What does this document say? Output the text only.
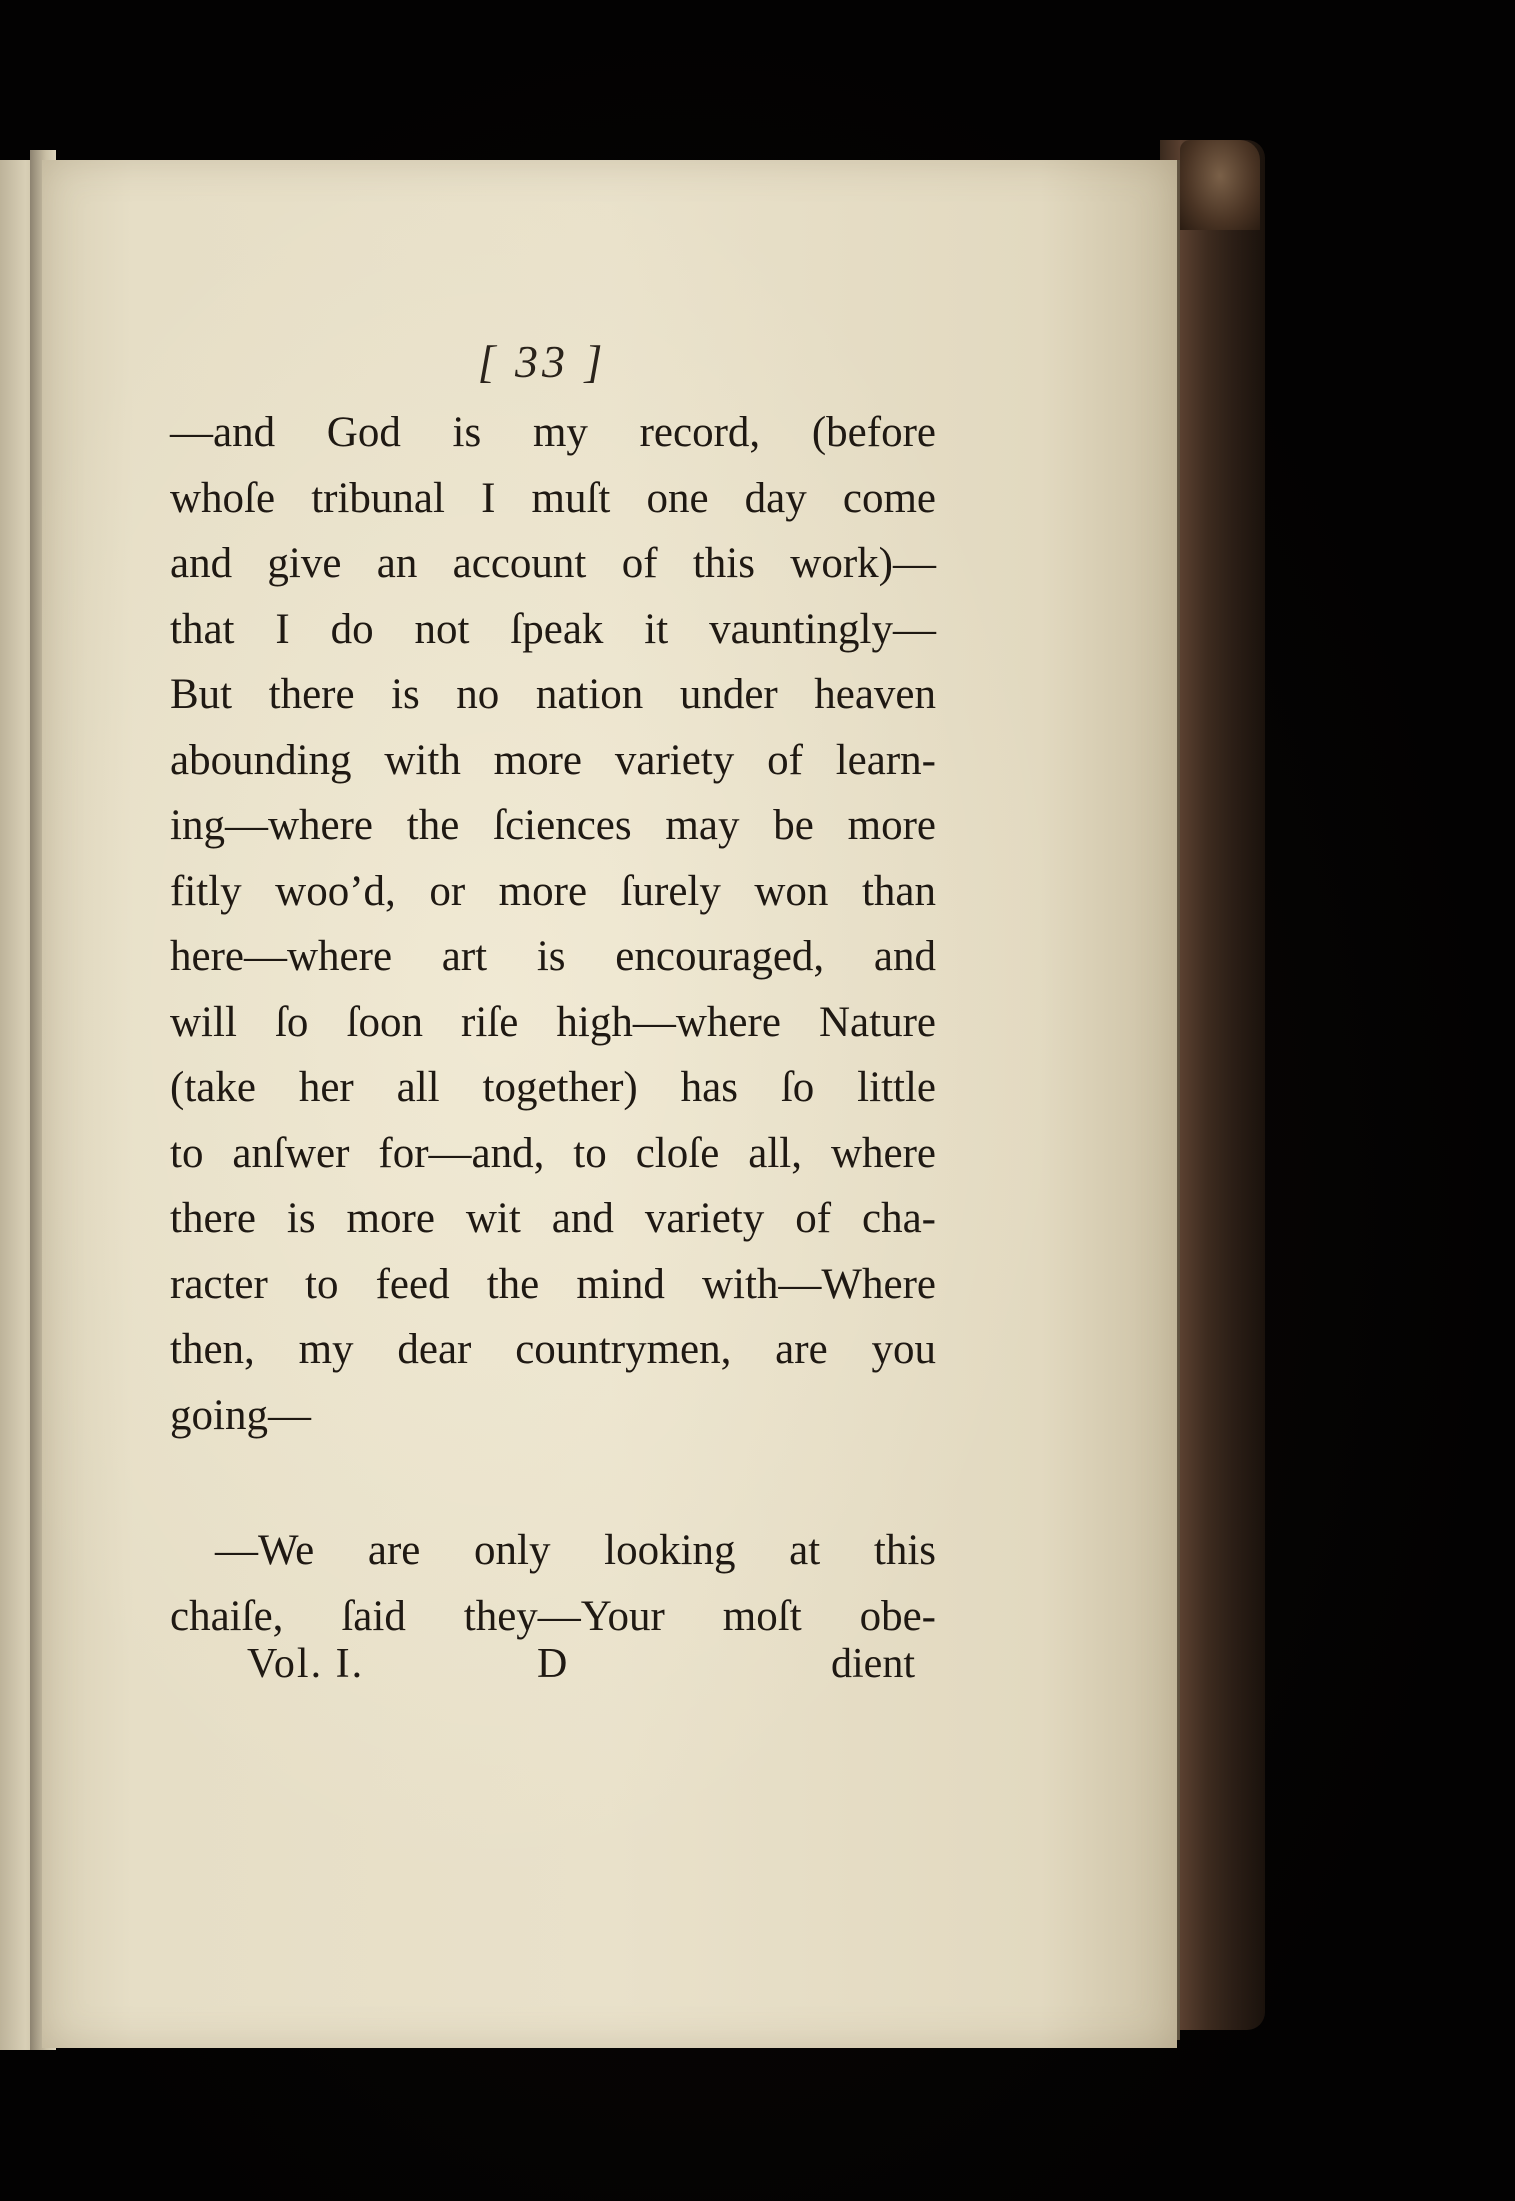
[ 33 ]
—and God is my record, (before
whoſe tribunal I muſt one day come
and give an account of this work)—
that I do not ſpeak it vauntingly—
But there is no nation under heaven
abounding with more variety of learn-
ing—where the ſciences may be more
fitly woo’d, or more ſurely won than
here—where art is encouraged, and
will ſo ſoon riſe high—where Nature
(take her all together) has ſo little
to anſwer for—and, to cloſe all, where
there is more wit and variety of cha-
racter to feed the mind with—Where
then, my dear countrymen, are you
going—
—We are only looking at this
chaiſe, ſaid they—Your moſt obe-
Vol. I.	D	dient
